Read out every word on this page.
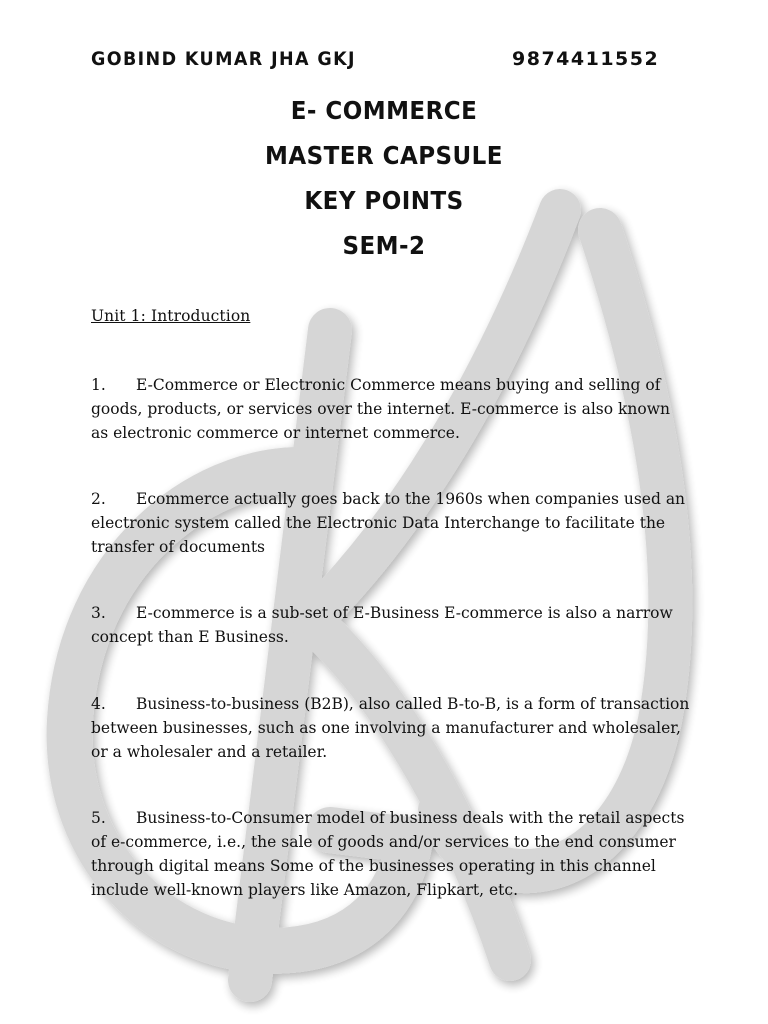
GOBIND KUMAR JHA GKJ	9874411552
E- COMMERCE
MASTER CAPSULE
KEY POINTS
SEM-2
Unit 1: Introduction

1. E-Commerce or Electronic Commerce means buying and selling of goods, products, or services over the internet. E-commerce is also known as electronic commerce or internet commerce.

2. Ecommerce actually goes back to the 1960s when companies used an electronic system called the Electronic Data Interchange to facilitate the transfer of documents

3. E-commerce is a sub-set of E-Business E-commerce is also a narrow concept than E Business.

4. Business-to-business (B2B), also called B-to-B, is a form of transaction between businesses, such as one involving a manufacturer and wholesaler, or a wholesaler and a retailer.

5. Business-to-Consumer model of business deals with the retail aspects of e-commerce, i.e., the sale of goods and/or services to the end consumer through digital means Some of the businesses operating in this channel include well-known players like Amazon, Flipkart, etc.
